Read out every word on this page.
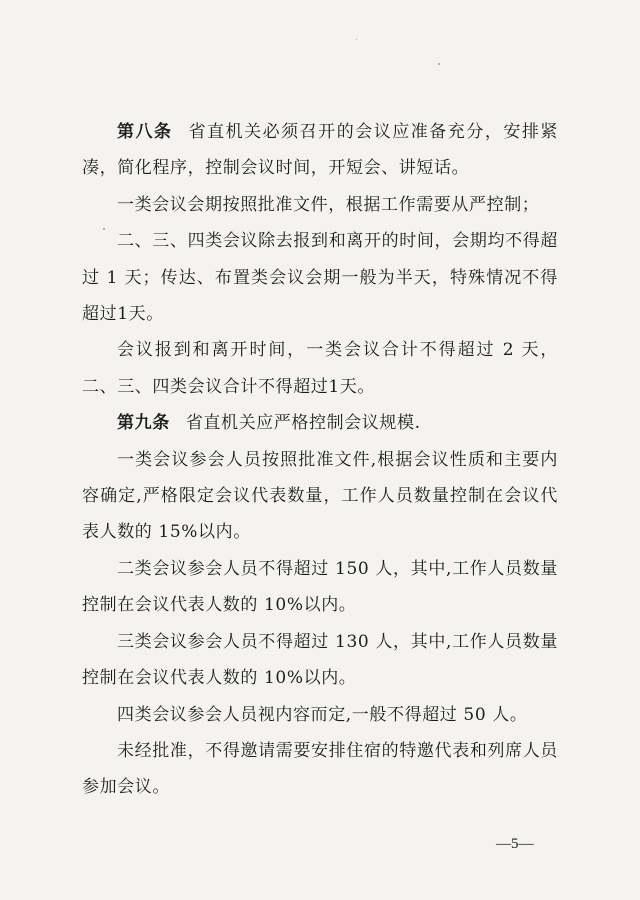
第八条 省直机关必须召开的会议应准备充分，安排紧凑，简化程序，控制会议时间，开短会、讲短话。

一类会议会期按照批准文件，根据工作需要从严控制；

二、三、四类会议除去报到和离开的时间，会期均不得超过 1 天；传达、布置类会议会期一般为半天，特殊情况不得超过1天。

会议报到和离开时间，一类会议合计不得超过 2 天，二、三、四类会议合计不得超过1天。

第九条 省直机关应严格控制会议规模.

一类会议参会人员按照批准文件,根据会议性质和主要内容确定,严格限定会议代表数量，工作人员数量控制在会议代表人数的 15%以内。

二类会议参会人员不得超过 150 人，其中,工作人员数量控制在会议代表人数的 10%以内。

三类会议参会人员不得超过 130 人，其中,工作人员数量控制在会议代表人数的 10%以内。

四类会议参会人员视内容而定,一般不得超过 50 人。

未经批准，不得邀请需要安排住宿的特邀代表和列席人员参加会议。

—5—
